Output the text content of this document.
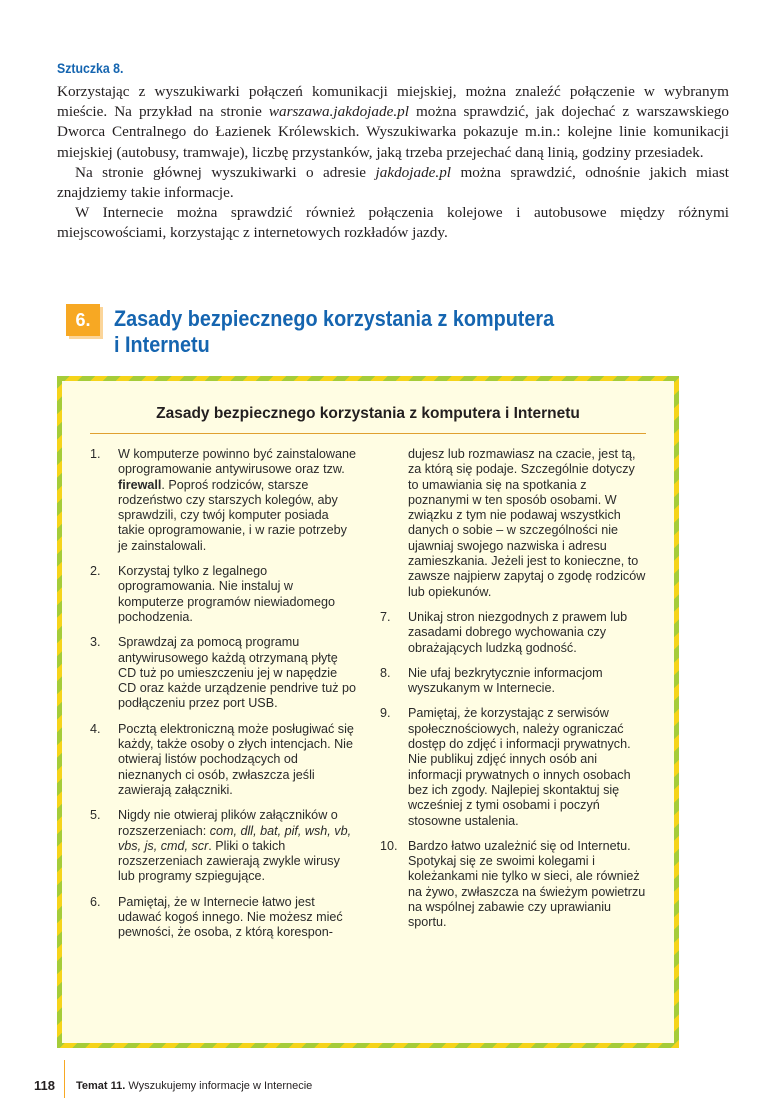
Sztuczka 8.

Korzystając z wyszukiwarki połączeń komunikacji miejskiej, można znaleźć połączenie w wybranym mieście. Na przykład na stronie warszawa.jakdojade.pl można sprawdzić, jak dojechać z warszawskiego Dworca Centralnego do Łazienek Królewskich. Wyszukiwarka pokazuje m.in.: kolejne linie komunikacji miejskiej (autobusy, tramwaje), liczbę przystanków, jaką trzeba przejechać daną linią, godziny przesiadek.

Na stronie głównej wyszukiwarki o adresie jakdojade.pl można sprawdzić, odnośnie jakich miast znajdziemy takie informacje.

W Internecie można sprawdzić również połączenia kolejowe i autobusowe między różnymi miejscowościami, korzystając z internetowych rozkładów jazdy.

6.	Zasady bezpiecznego korzystania z komputera
i Internetu
Zasady bezpiecznego korzystania z komputera i Internetu
1.	W komputerze powinno być zainstalowane oprogramowanie antywirusowe oraz tzw. firewall. Poproś rodziców, starsze rodzeństwo czy starszych kolegów, aby sprawdzili, czy twój komputer posiada takie oprogramowanie, i w razie potrzeby je zainstalowali.
2.	Korzystaj tylko z legalnego oprogramowania. Nie instaluj w komputerze programów niewiadomego pochodzenia.
3.	Sprawdzaj za pomocą programu antywirusowego każdą otrzymaną płytę CD tuż po umieszczeniu jej w napędzie CD oraz każde urządzenie pendrive tuż po podłączeniu przez port USB.
4.	Pocztą elektroniczną może posługiwać się każdy, także osoby o złych intencjach. Nie otwieraj listów pochodzących od nieznanych ci osób, zwłaszcza jeśli zawierają załączniki.
5.	Nigdy nie otwieraj plików załączników o rozszerzeniach: com, dll, bat, pif, wsh, vb, vbs, js, cmd, scr. Pliki o takich rozszerzeniach zawierają zwykle wirusy lub programy szpiegujące.
6.	Pamiętaj, że w Internecie łatwo jest udawać kogoś innego. Nie możesz mieć pewności, że osoba, z którą korespon-
dujesz lub rozmawiasz na czacie, jest tą, za którą się podaje. Szczególnie dotyczy to umawiania się na spotkania z poznanymi w ten sposób osobami. W związku z tym nie podawaj wszystkich danych o sobie – w szczególności nie ujawniaj swojego nazwiska i adresu zamieszkania. Jeżeli jest to konieczne, to zawsze najpierw zapytaj o zgodę rodziców lub opiekunów.
7.	Unikaj stron niezgodnych z prawem lub zasadami dobrego wychowania czy obrażających ludzką godność.
8.	Nie ufaj bezkrytycznie informacjom wyszukanym w Internecie.
9.	Pamiętaj, że korzystając z serwisów społecznościowych, należy ograniczać dostęp do zdjęć i informacji prywatnych. Nie publikuj zdjęć innych osób ani informacji prywatnych o innych osobach bez ich zgody. Najlepiej skontaktuj się wcześniej z tymi osobami i poczyń stosowne ustalenia.
10. Bardzo łatwo uzależnić się od Internetu. Spotykaj się ze swoimi kolegami i koleżankami nie tylko w sieci, ale również na żywo, zwłaszcza na świeżym powietrzu na wspólnej zabawie czy uprawianiu sportu.
118 Temat 11. Wyszukujemy informacje w Internecie
